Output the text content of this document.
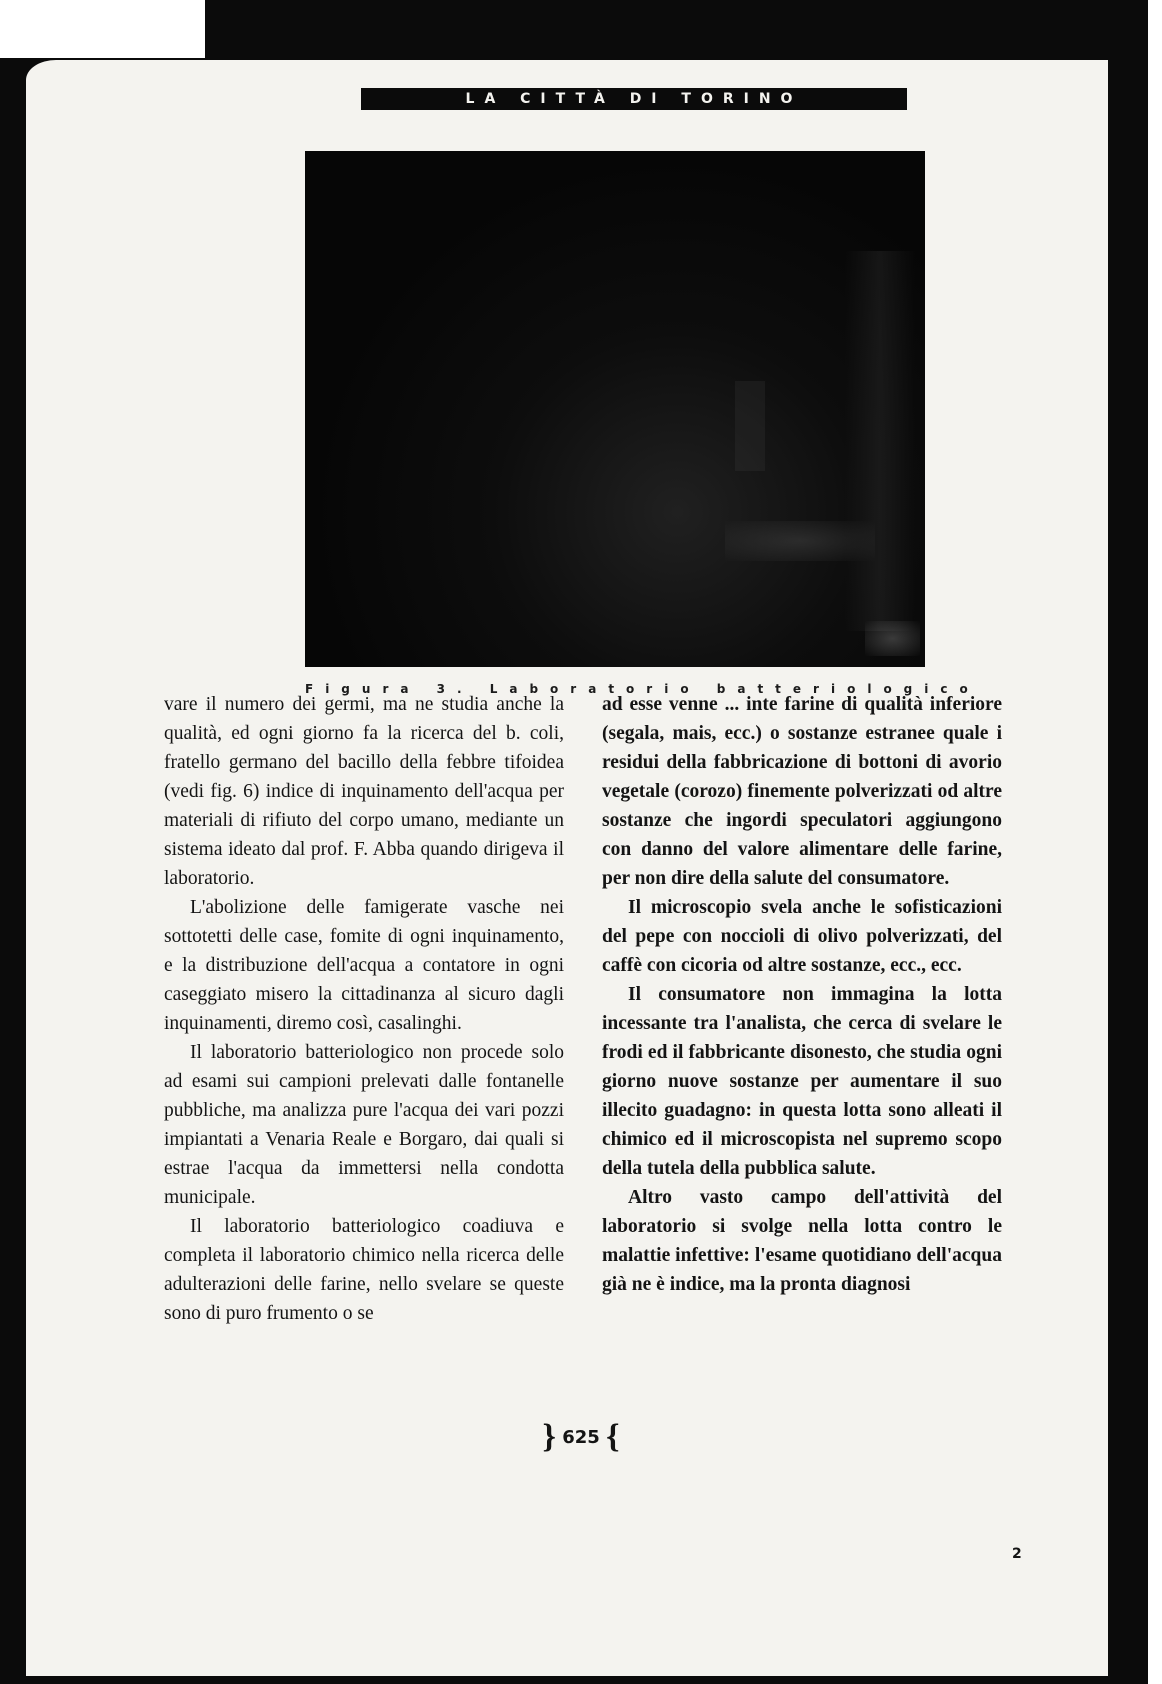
LA CITTÀ DI TORINO
Figura 3. Laboratorio batteriologico

vare il numero dei germi, ma ne studia anche la qualità, ed ogni giorno fa la ricerca del b. coli, fratello germano del bacillo della febbre tifoidea (vedi fig. 6) indice di inquinamento dell'acqua per materiali di rifiuto del corpo umano, mediante un sistema ideato dal prof. F. Abba quando dirigeva il laboratorio.

L'abolizione delle famigerate vasche nei sottotetti delle case, fomite di ogni inquinamento, e la distribuzione dell'acqua a contatore in ogni caseggiato misero la cittadinanza al sicuro dagli inquinamenti, diremo così, casalinghi.

Il laboratorio batteriologico non procede solo ad esami sui campioni prelevati dalle fontanelle pubbliche, ma analizza pure l'acqua dei vari pozzi impiantati a Venaria Reale e Borgaro, dai quali si estrae l'acqua da immettersi nella condotta municipale.

Il laboratorio batteriologico coadiuva e completa il laboratorio chimico nella ricerca delle adulterazioni delle farine, nello svelare se queste sono di puro frumento o se

ad esse venne ... inte farine di qualità inferiore (segala, mais, ecc.) o sostanze estranee quale i residui della fabbricazione di bottoni di avorio vegetale (corozo) finemente polverizzati od altre sostanze che ingordi speculatori aggiungono con danno del valore alimentare delle farine, per non dire della salute del consumatore.

Il microscopio svela anche le sofisticazioni del pepe con noccioli di olivo polverizzati, del caffè con cicoria od altre sostanze, ecc., ecc.

Il consumatore non immagina la lotta incessante tra l'analista, che cerca di svelare le frodi ed il fabbricante disonesto, che studia ogni giorno nuove sostanze per aumentare il suo illecito guadagno: in questa lotta sono alleati il chimico ed il microscopista nel supremo scopo della tutela della pubblica salute.

Altro vasto campo dell'attività del laboratorio si svolge nella lotta contro le malattie infettive: l'esame quotidiano dell'acqua già ne è indice, ma la pronta diagnosi

} 625 {
2
